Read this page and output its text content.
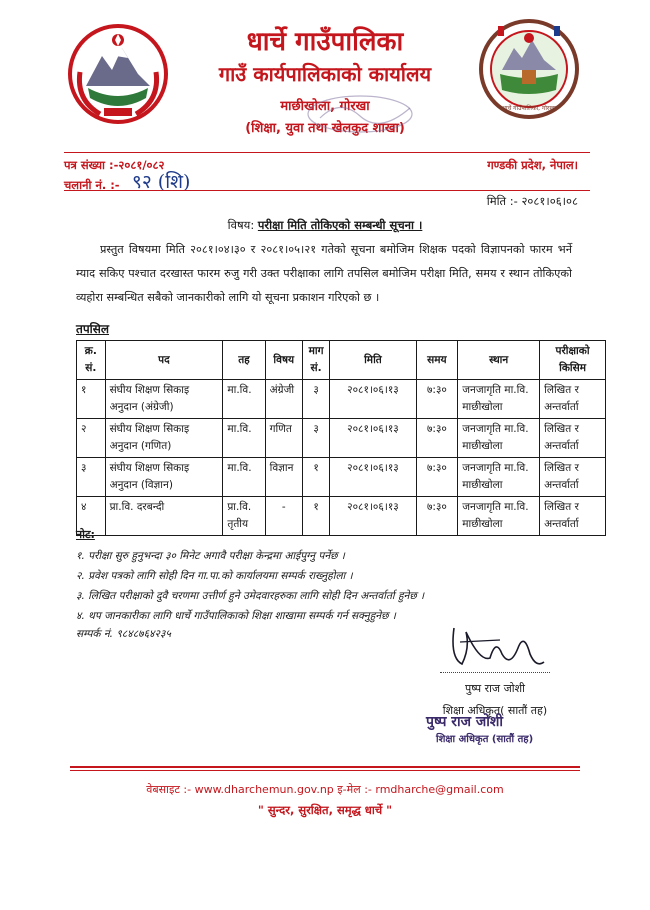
धार्चे गाउँपालिका
गाउँ कार्यपालिकाको कार्यालय
माछीखोला, गोरखा
(शिक्षा, युवा तथा खेलकुद शाखा)
धार्चे गाउँपालिका, गोरखा
पत्र संख्या :-२०८१/०८२
चलानी नं. :- ९२ (शि)
गण्डकी प्रदेश, नेपाल।
मिति :- २०८१।०६।०८
विषय: परीक्षा मिति तोकिएको सम्बन्धी सूचना ।
प्रस्तुत विषयमा मिति २०८१।०४।३० र २०८१।०५।२१ गतेको सूचना बमोजिम शिक्षक पदको विज्ञापनको फारम भर्ने म्याद सकिए पश्चात दरखास्त फारम रुजु गरी उक्त परीक्षाका लागि तपसिल बमोजिम परीक्षा मिति, समय र स्थान तोकिएको व्यहोरा सम्बन्धित सबैको जानकारीको लागि यो सूचना प्रकाशन गरिएको छ ।
तपसिल
क्र. सं.	पद	तह	विषय	माग सं.	मिति	समय	स्थान	परीक्षाको किसिम
१	संघीय शिक्षण सिकाइ अनुदान (अंग्रेजी)	मा.वि.	अंग्रेजी	३	२०८१।०६।१३	७:३०	जनजागृति मा.वि. माछीखोला	लिखित र अन्तर्वार्ता
२	संघीय शिक्षण सिकाइ अनुदान (गणित)	मा.वि.	गणित	३	२०८१।०६।१३	७:३०	जनजागृति मा.वि. माछीखोला	लिखित र अन्तर्वार्ता
३	संघीय शिक्षण सिकाइ अनुदान (विज्ञान)	मा.वि.	विज्ञान	१	२०८१।०६।१३	७:३०	जनजागृति मा.वि. माछीखोला	लिखित र अन्तर्वार्ता
४	प्रा.वि. दरबन्दी	प्रा.वि. तृतीय	-	१	२०८१।०६।१३	७:३०	जनजागृति मा.वि. माछीखोला	लिखित र अन्तर्वार्ता
नोट:
१. परीक्षा सुरु हुनुभन्दा ३० मिनेट अगावै परीक्षा केन्द्रमा आईपुग्नु पर्नेछ ।
२. प्रवेश पत्रको लागि सोही दिन गा.पा.को कार्यालयमा सम्पर्क राख्नुहोला ।
३. लिखित परीक्षाको दुवै चरणमा उत्तीर्ण हुने उमेदवारहरुका लागि सोही दिन अन्तर्वार्ता हुनेछ ।
४. थप जानकारीका लागि धार्चे गाउँपालिकाको शिक्षा शाखामा सम्पर्क गर्न सक्नुहुनेछ ।
सम्पर्क नं. ९८४८७६४२३५
पुष्प राज जोशी
शिक्षा अधिकृत( सातौं तह)
पुष्प राज जोशी
शिक्षा अधिकृत (सातौं तह)
वेबसाइट :- www.dharchemun.gov.np इ-मेल :- rmdharche@gmail.com
" सुन्दर, सुरक्षित, समृद्ध धार्चे "
